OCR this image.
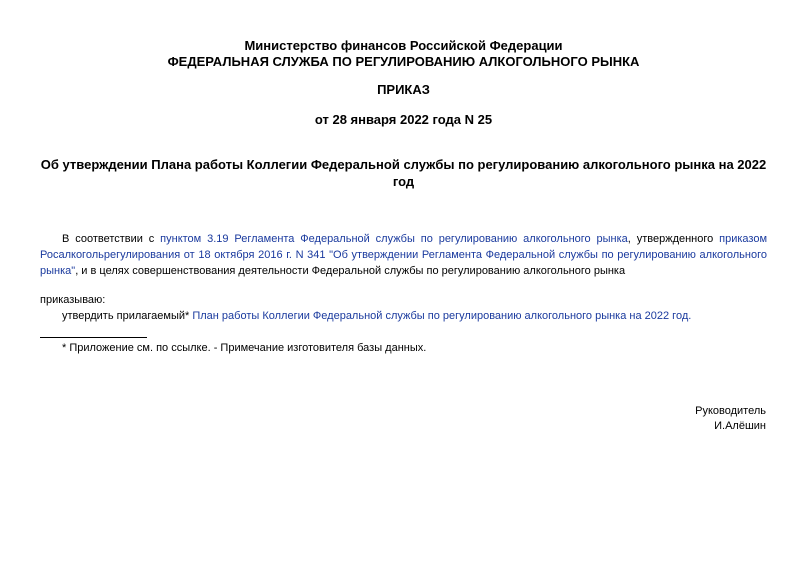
Министерство финансов Российской Федерации
ФЕДЕРАЛЬНАЯ СЛУЖБА ПО РЕГУЛИРОВАНИЮ АЛКОГОЛЬНОГО РЫНКА
ПРИКАЗ
от 28 января 2022 года N 25
Об утверждении Плана работы Коллегии Федеральной службы по регулированию алкогольного рынка на 2022 год
В соответствии с пунктом 3.19 Регламента Федеральной службы по регулированию алкогольного рынка, утвержденного приказом Росалкогольрегулирования от 18 октября 2016 г. N 341 "Об утверждении Регламента Федеральной службы по регулированию алкогольного рынка", и в целях совершенствования деятельности Федеральной службы по регулированию алкогольного рынка
приказываю:
утвердить прилагаемый* План работы Коллегии Федеральной службы по регулированию алкогольного рынка на 2022 год.
* Приложение см. по ссылке. - Примечание изготовителя базы данных.
Руководитель
И.Алёшин
